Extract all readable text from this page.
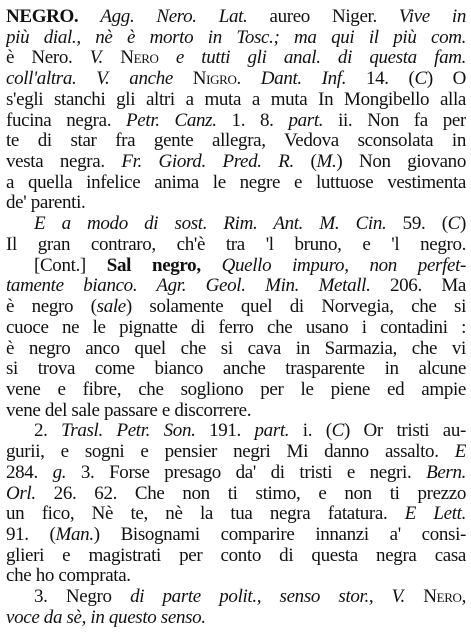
NEGRO. Agg. Nero. Lat. aureo Niger. Vive in
più dial., nè è morto in Tosc.; ma qui il più com.
è Nero. V. Nero e tutti gli anal. di questa fam.
coll'altra. V. anche Nigro. Dant. Inf. 14. (C) O
s'egli stanchi gli altri a muta a muta In Mongibello alla
fucina negra. Petr. Canz. 1. 8. part. ii. Non fa per
te di star fra gente allegra, Vedova sconsolata in
vesta negra. Fr. Giord. Pred. R. (M.) Non giovano
a quella infelice anima le negre e luttuose vestimenta
de' parenti.
E a modo di sost. Rim. Ant. M. Cin. 59. (C)
Il gran contraro, ch'è tra 'l bruno, e 'l negro.
[Cont.] Sal negro, Quello impuro, non perfet-
tamente bianco. Agr. Geol. Min. Metall. 206. Ma
è negro (sale) solamente quel di Norvegia, che si
cuoce ne le pignatte di ferro che usano i contadini :
è negro anco quel che si cava in Sarmazia, che vi
si trova come bianco anche trasparente in alcune
vene e fibre, che sogliono per le piene ed ampie
vene del sale passare e discorrere.
2. Trasl. Petr. Son. 191. part. i. (C) Or tristi au-
gurii, e sogni e pensier negri Mi danno assalto. E
284. g. 3. Forse presago da' di tristi e negri. Bern.
Orl. 26. 62. Che non ti stimo, e non ti prezzo
un fico, Nè te, nè la tua negra fatatura. E Lett.
91. (Man.) Bisognami comparire innanzi a' consi-
glieri e magistrati per conto di questa negra casa
che ho comprata.
3. Negro di parte polit., senso stor., V. Nero,
voce da sè, in questo senso.
